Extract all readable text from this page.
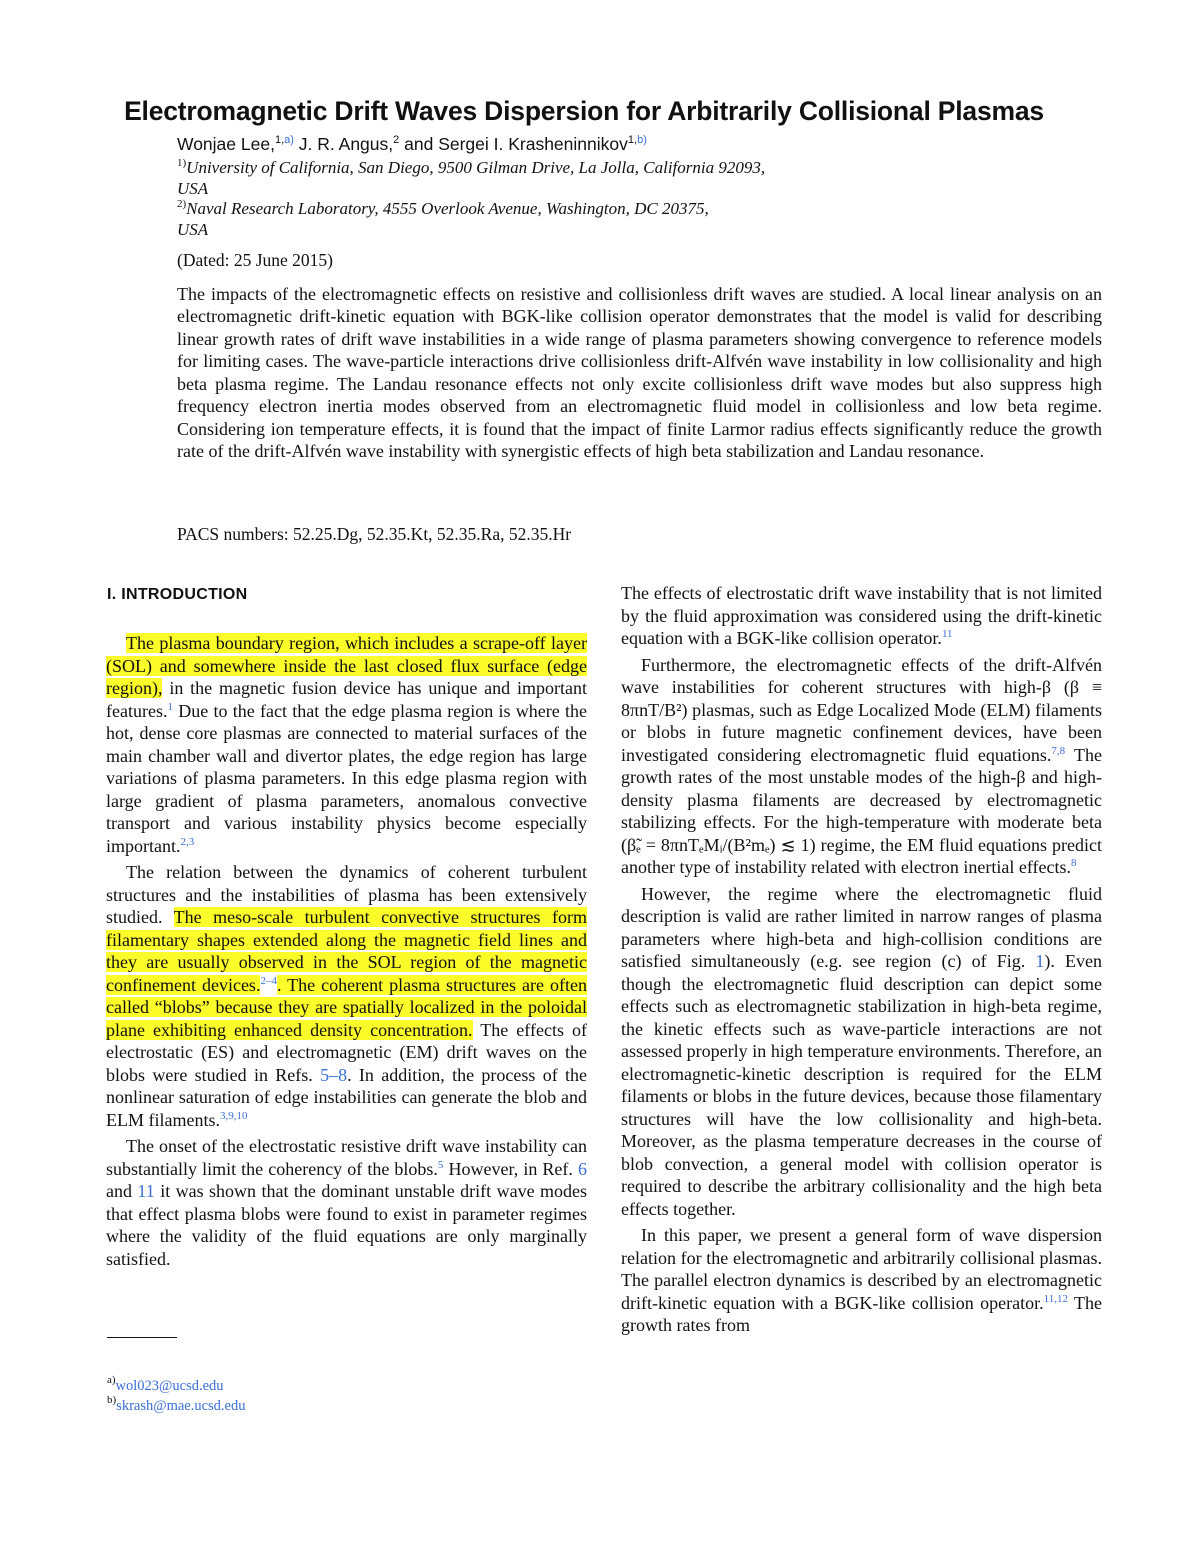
Electromagnetic Drift Waves Dispersion for Arbitrarily Collisional Plasmas
Wonjae Lee,$^{1,a)}$ J. R. Angus,$^2$ and Sergei I. Krasheninnikov$^{1,b)}$
$^{1)}$University of California, San Diego, 9500 Gilman Drive, La Jolla, California 92093,
USA
$^{2)}$Naval Research Laboratory, 4555 Overlook Avenue, Washington, DC 20375,
USA
(Dated: 25 June 2015)
The impacts of the electromagnetic effects on resistive and collisionless drift waves are studied. A local linear analysis on an electromagnetic drift-kinetic equation with BGK-like collision operator demonstrates that the model is valid for describing linear growth rates of drift wave instabilities in a wide range of plasma parameters showing convergence to reference models for limiting cases. The wave-particle interactions drive collisionless drift-Alfvén wave instability in low collisionality and high beta plasma regime. The Landau resonance effects not only excite collisionless drift wave modes but also suppress high frequency electron inertia modes observed from an electromagnetic fluid model in collisionless and low beta regime. Considering ion temperature effects, it is found that the impact of finite Larmor radius effects significantly reduce the growth rate of the drift-Alfvén wave instability with synergistic effects of high beta stabilization and Landau resonance.
PACS numbers: 52.25.Dg, 52.35.Kt, 52.35.Ra, 52.35.Hr
I. INTRODUCTION

The plasma boundary region, which includes a scrape-off layer (SOL) and somewhere inside the last closed flux surface (edge region), in the magnetic fusion device has unique and important features.$^1$ Due to the fact that the edge plasma region is where the hot, dense core plasmas are connected to material surfaces of the main chamber wall and divertor plates, the edge region has large variations of plasma parameters. In this edge plasma region with large gradient of plasma parameters, anomalous convective transport and various instability physics become especially important.$^{2,3}$

The relation between the dynamics of coherent turbulent structures and the instabilities of plasma has been extensively studied. The meso-scale turbulent convective structures form filamentary shapes extended along the magnetic field lines and they are usually observed in the SOL region of the magnetic confinement devices.$^{2-4}$. The coherent plasma structures are often called “blobs” because they are spatially localized in the poloidal plane exhibiting enhanced density concentration. The effects of electrostatic (ES) and electromagnetic (EM) drift waves on the blobs were studied in Refs. 5–8. In addition, the process of the nonlinear saturation of edge instabilities can generate the blob and ELM filaments.$^{3,9,10}$

The onset of the electrostatic resistive drift wave instability can substantially limit the coherency of the blobs.$^5$ However, in Ref. 6 and 11 it was shown that the dominant unstable drift wave modes that effect plasma blobs were found to exist in parameter regimes where the validity of the fluid equations are only marginally satisfied.

The effects of electrostatic drift wave instability that is not limited by the fluid approximation was considered using the drift-kinetic equation with a BGK-like collision operator.$^{11}$

Furthermore, the electromagnetic effects of the drift-Alfvén wave instabilities for coherent structures with high-β (β ≡ 8πnT/B²) plasmas, such as Edge Localized Mode (ELM) filaments or blobs in future magnetic confinement devices, have been investigated considering electromagnetic fluid equations.$^{7,8}$ The growth rates of the most unstable modes of the high-β and high-density plasma filaments are decreased by electromagnetic stabilizing effects. For the high-temperature with moderate beta (β̃ₑ = 8πnTₑMᵢ/(B²mₑ) ≲ 1) regime, the EM fluid equations predict another type of instability related with electron inertial effects.$^8$

However, the regime where the electromagnetic fluid description is valid are rather limited in narrow ranges of plasma parameters where high-beta and high-collision conditions are satisfied simultaneously (e.g. see region (c) of Fig. 1). Even though the electromagnetic fluid description can depict some effects such as electromagnetic stabilization in high-beta regime, the kinetic effects such as wave-particle interactions are not assessed properly in high temperature environments. Therefore, an electromagnetic-kinetic description is required for the ELM filaments or blobs in the future devices, because those filamentary structures will have the low collisionality and high-beta. Moreover, as the plasma temperature decreases in the course of blob convection, a general model with collision operator is required to describe the arbitrary collisionality and the high beta effects together.

In this paper, we present a general form of wave dispersion relation for the electromagnetic and arbitrarily collisional plasmas. The parallel electron dynamics is described by an electromagnetic drift-kinetic equation with a BGK-like collision operator.$^{11,12}$ The growth rates from

$^{a)}$wol023@ucsd.edu
$^{b)}$skrash@mae.ucsd.edu
